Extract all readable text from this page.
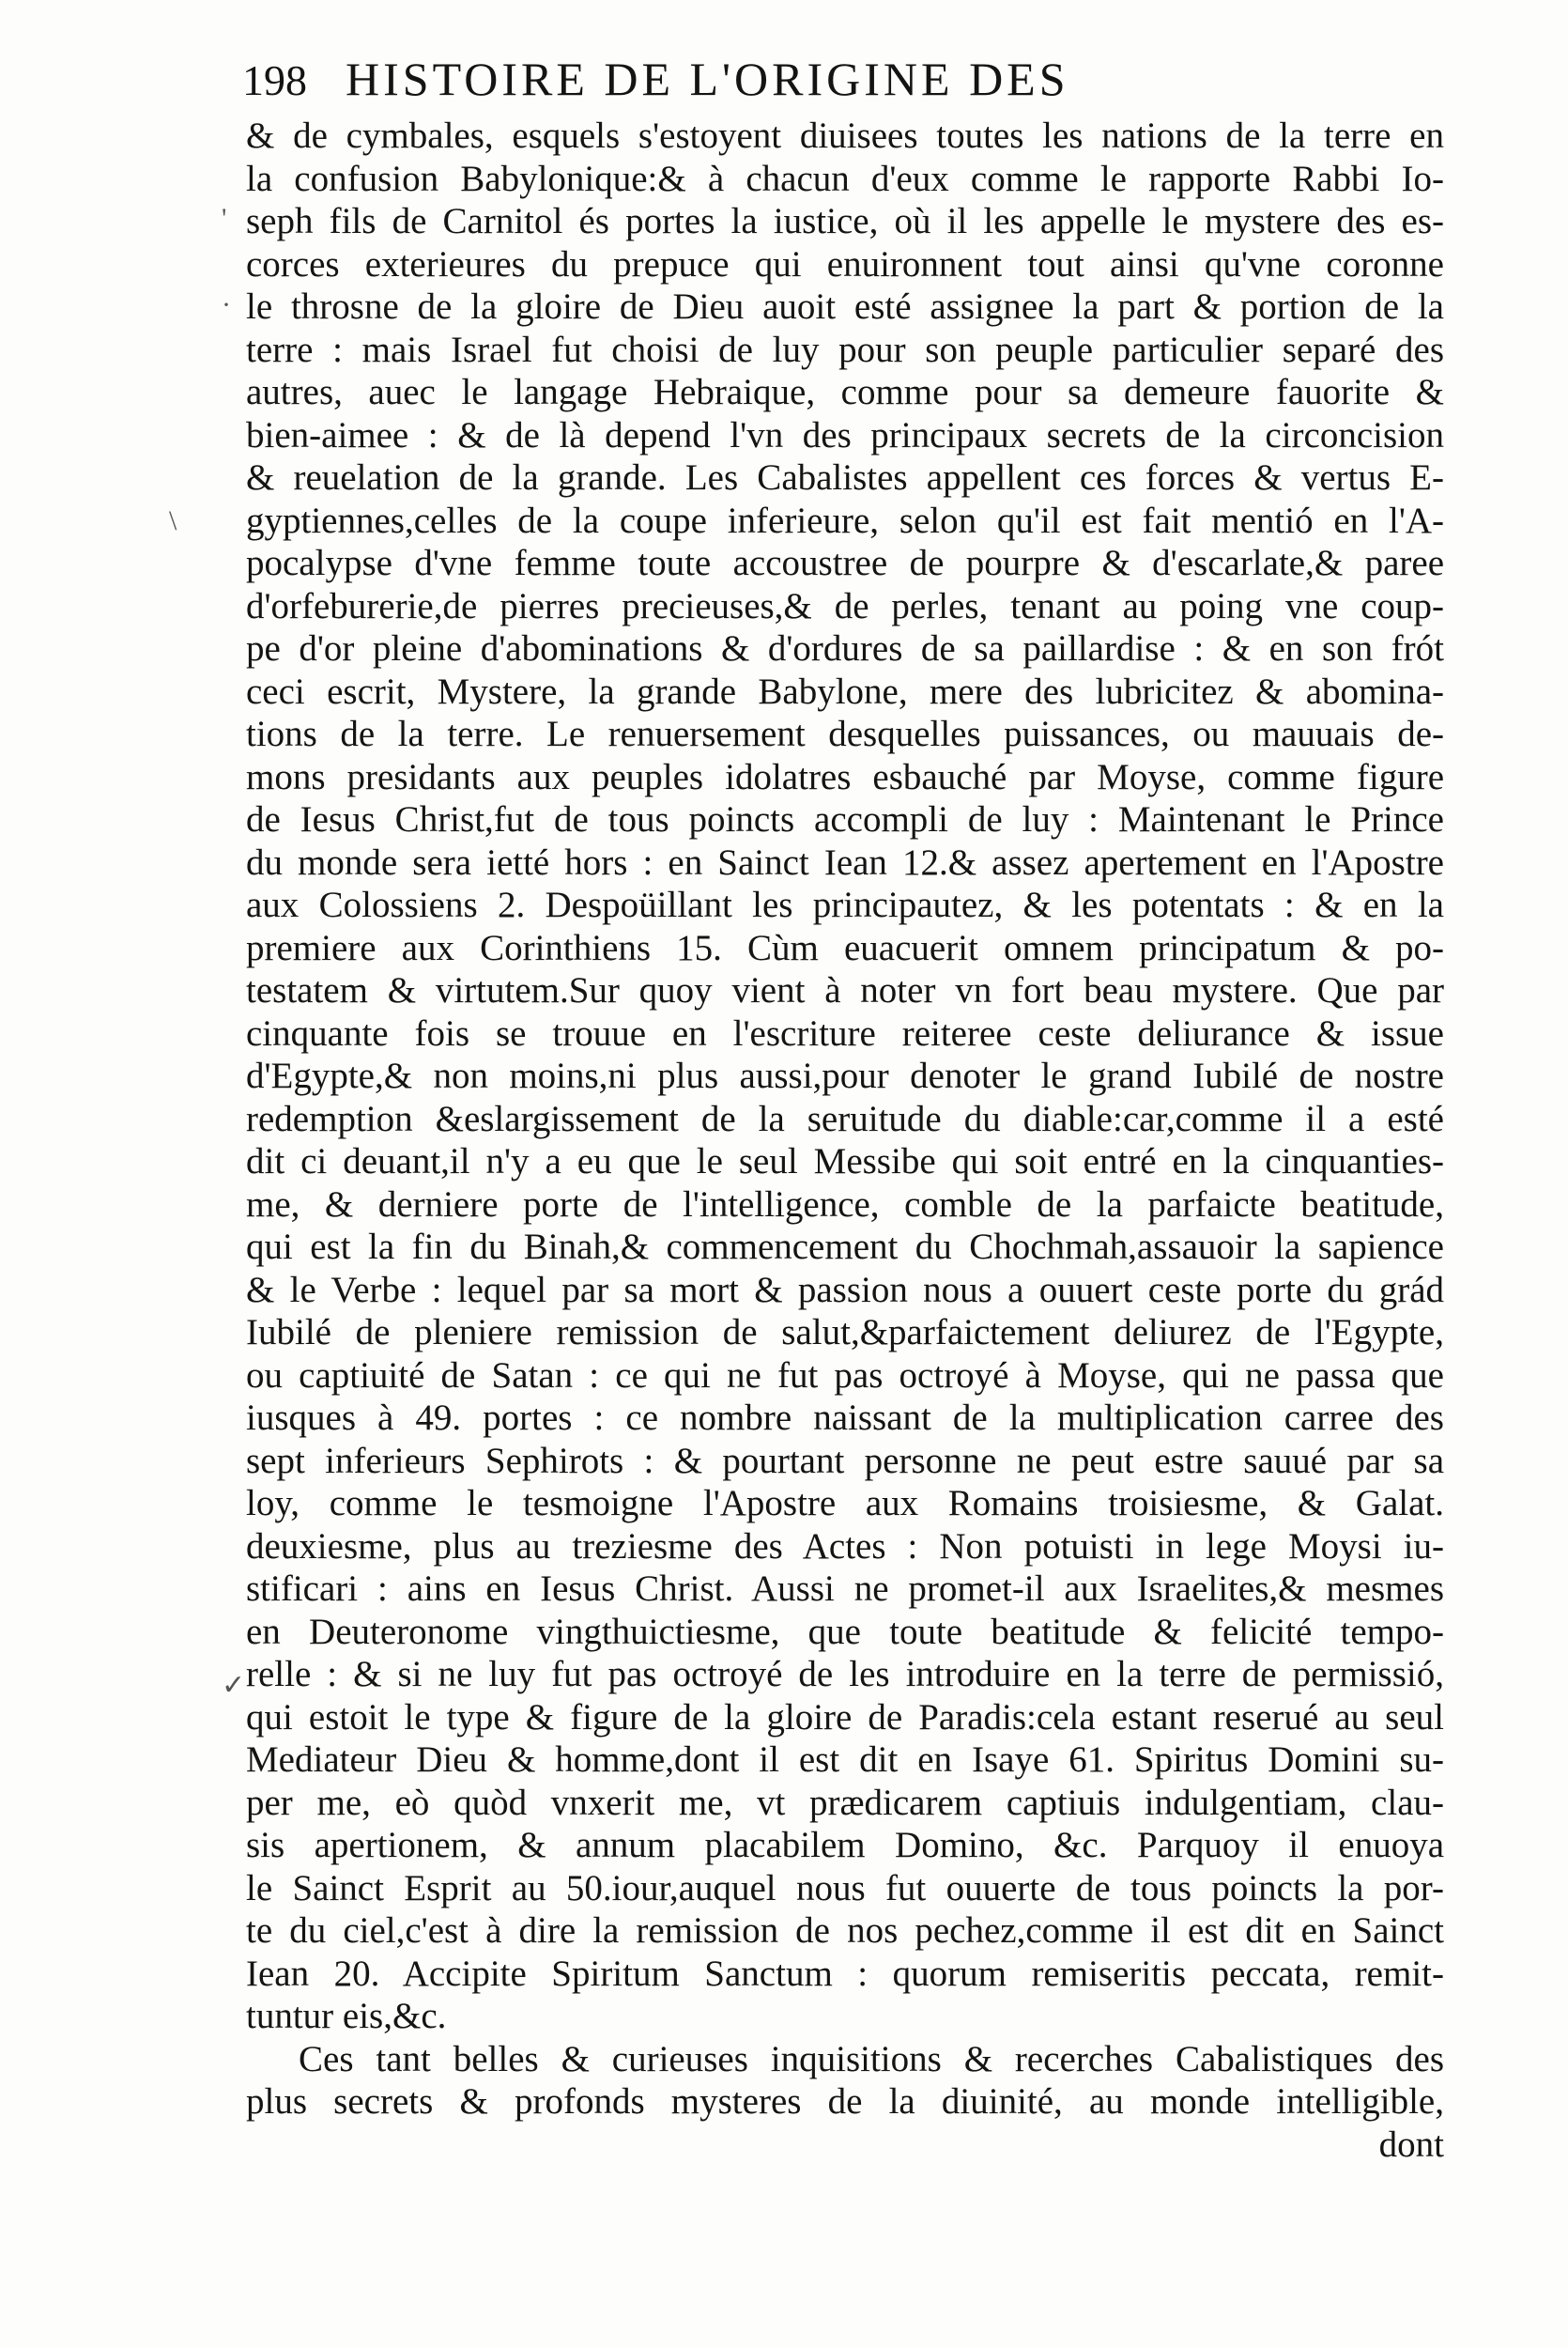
198 HISTOIRE DE L'ORIGINE DES
& de cymbales, esquels s'estoyent diuisees toutes les nations de la terre en
la confusion Babylonique:& à chacun d'eux comme le rapporte Rabbi Io-
seph fils de Carnitol és portes la iustice, où il les appelle le mystere des es-
corces exterieures du prepuce qui enuironnent tout ainsi qu'vne coronne
le throsne de la gloire de Dieu auoit esté assignee la part & portion de la
terre : mais Israel fut choisi de luy pour son peuple particulier separé des
autres, auec le langage Hebraique, comme pour sa demeure fauorite &
bien-aimee : & de là depend l'vn des principaux secrets de la circoncision
& reuelation de la grande. Les Cabalistes appellent ces forces & vertus E-
gyptiennes,celles de la coupe inferieure, selon qu'il est fait mentió en l'A-
pocalypse d'vne femme toute accoustree de pourpre & d'escarlate,& paree
d'orfeburerie,de pierres precieuses,& de perles, tenant au poing vne coup-
pe d'or pleine d'abominations & d'ordures de sa paillardise : & en son frót
ceci escrit, Mystere, la grande Babylone, mere des lubricitez & abomina-
tions de la terre. Le renuersement desquelles puissances, ou mauuais de-
mons presidants aux peuples idolatres esbauché par Moyse, comme figure
de Iesus Christ,fut de tous poincts accompli de luy : Maintenant le Prince
du monde sera ietté hors : en Sainct Iean 12.& assez apertement en l'Apostre
aux Colossiens 2. Despoüillant les principautez, & les potentats : & en la
premiere aux Corinthiens 15. Cùm euacuerit omnem principatum & po-
testatem & virtutem.Sur quoy vient à noter vn fort beau mystere. Que par
cinquante fois se trouue en l'escriture reiteree ceste deliurance & issue
d'Egypte,& non moins,ni plus aussi,pour denoter le grand Iubilé de nostre
redemption &eslargissement de la seruitude du diable:car,comme il a esté
dit ci deuant,il n'y a eu que le seul Messibe qui soit entré en la cinquanties-
me, & derniere porte de l'intelligence, comble de la parfaicte beatitude,
qui est la fin du Binah,& commencement du Chochmah,assauoir la sapience
& le Verbe : lequel par sa mort & passion nous a ouuert ceste porte du grád
Iubilé de pleniere remission de salut,&parfaictement deliurez de l'Egypte,
ou captiuité de Satan : ce qui ne fut pas octroyé à Moyse, qui ne passa que
iusques à 49. portes : ce nombre naissant de la multiplication carree des
sept inferieurs Sephirots : & pourtant personne ne peut estre sauué par sa
loy, comme le tesmoigne l'Apostre aux Romains troisiesme, & Galat.
deuxiesme, plus au treziesme des Actes : Non potuisti in lege Moysi iu-
stificari : ains en Iesus Christ. Aussi ne promet-il aux Israelites,& mesmes
en Deuteronome vingthuictiesme, que toute beatitude & felicité tempo-
relle : & si ne luy fut pas octroyé de les introduire en la terre de permissió,
qui estoit le type & figure de la gloire de Paradis:cela estant reserué au seul
Mediateur Dieu & homme,dont il est dit en Isaye 61. Spiritus Domini su-
per me, eò quòd vnxerit me, vt prædicarem captiuis indulgentiam, clau-
sis apertionem, & annum placabilem Domino, &c. Parquoy il enuoya
le Sainct Esprit au 50.iour,auquel nous fut ouuerte de tous poincts la por-
te du ciel,c'est à dire la remission de nos pechez,comme il est dit en Sainct
Iean 20. Accipite Spiritum Sanctum : quorum remiseritis peccata, remit-
tuntur eis,&c.
Ces tant belles & curieuses inquisitions & recerches Cabalistiques des
plus secrets & profonds mysteres de la diuinité, au monde intelligible,
dont
'
·
\
✓
